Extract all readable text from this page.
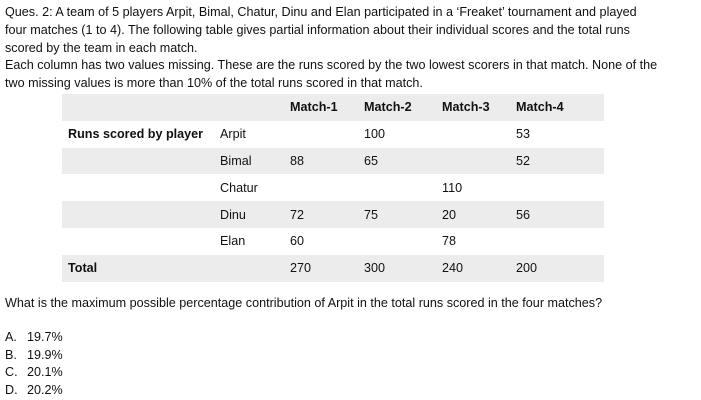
Ques. 2: A team of 5 players Arpit, Bimal, Chatur, Dinu and Elan participated in a ‘Freaket’ tournament and played
four matches (1 to 4). The following table gives partial information about their individual scores and the total runs
scored by the team in each match.
Each column has two values missing. These are the runs scored by the two lowest scorers in that match. None of the
two missing values is more than 10% of the total runs scored in that match.
		Match-1	Match-2	Match-3	Match-4
Runs scored by player	Arpit		100		53
	Bimal	88	65		52
	Chatur			110	
	Dinu	72	75	20	56
	Elan	60		78	
Total		270	300	240	200
What is the maximum possible percentage contribution of Arpit in the total runs scored in the four matches?
A. 19.7%
B. 19.9%
C. 20.1%
D. 20.2%
